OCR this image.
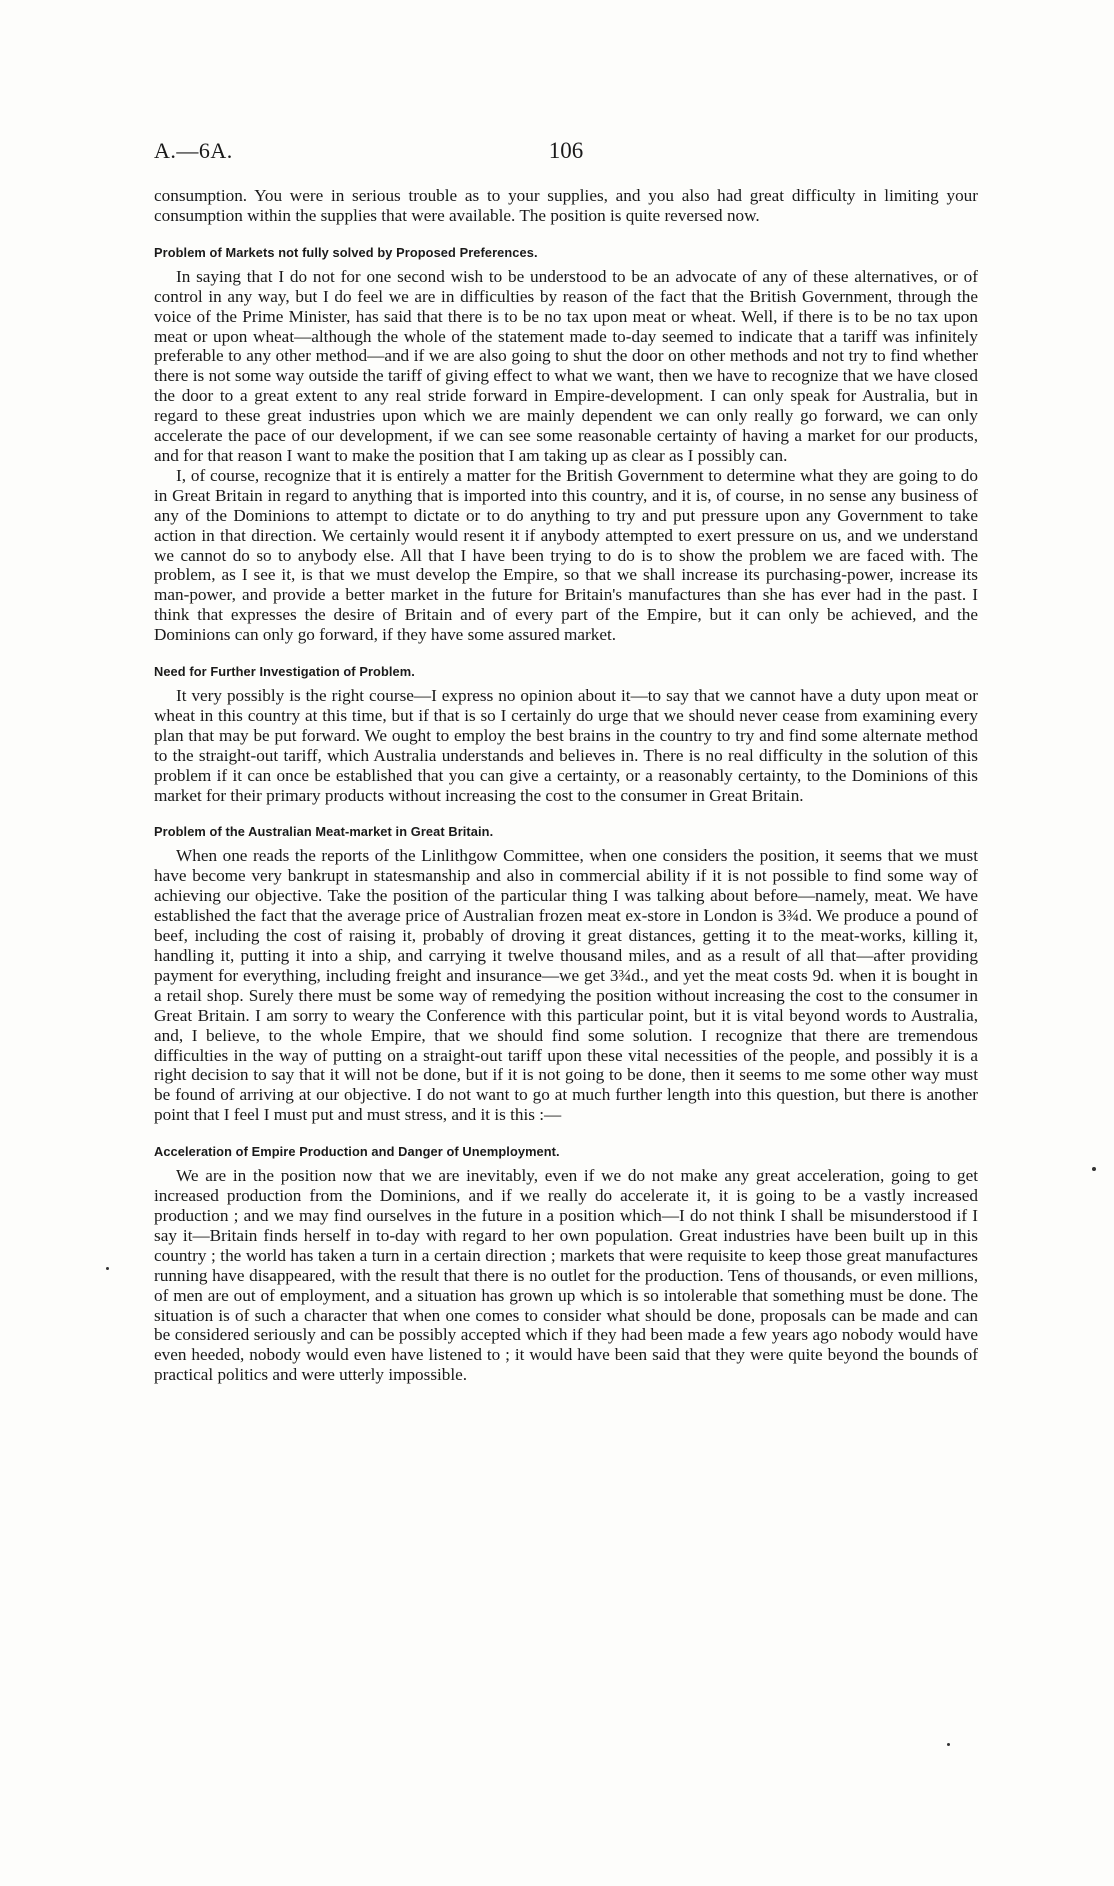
A.—6A.	106

consumption. You were in serious trouble as to your supplies, and you also had great difficulty in limiting your consumption within the supplies that were available. The position is quite reversed now.

Problem of Markets not fully solved by Proposed Preferences.

In saying that I do not for one second wish to be understood to be an advocate of any of these alternatives, or of control in any way, but I do feel we are in difficulties by reason of the fact that the British Government, through the voice of the Prime Minister, has said that there is to be no tax upon meat or wheat. Well, if there is to be no tax upon meat or upon wheat—although the whole of the statement made to-day seemed to indicate that a tariff was infinitely preferable to any other method—and if we are also going to shut the door on other methods and not try to find whether there is not some way outside the tariff of giving effect to what we want, then we have to recognize that we have closed the door to a great extent to any real stride forward in Empire-development. I can only speak for Australia, but in regard to these great industries upon which we are mainly dependent we can only really go forward, we can only accelerate the pace of our development, if we can see some reasonable certainty of having a market for our products, and for that reason I want to make the position that I am taking up as clear as I possibly can.

I, of course, recognize that it is entirely a matter for the British Government to determine what they are going to do in Great Britain in regard to anything that is imported into this country, and it is, of course, in no sense any business of any of the Dominions to attempt to dictate or to do anything to try and put pressure upon any Government to take action in that direction. We certainly would resent it if anybody attempted to exert pressure on us, and we understand we cannot do so to anybody else. All that I have been trying to do is to show the problem we are faced with. The problem, as I see it, is that we must develop the Empire, so that we shall increase its purchasing-power, increase its man-power, and provide a better market in the future for Britain's manufactures than she has ever had in the past. I think that expresses the desire of Britain and of every part of the Empire, but it can only be achieved, and the Dominions can only go forward, if they have some assured market.

Need for Further Investigation of Problem.

It very possibly is the right course—I express no opinion about it—to say that we cannot have a duty upon meat or wheat in this country at this time, but if that is so I certainly do urge that we should never cease from examining every plan that may be put forward. We ought to employ the best brains in the country to try and find some alternate method to the straight-out tariff, which Australia understands and believes in. There is no real difficulty in the solution of this problem if it can once be established that you can give a certainty, or a reasonably certainty, to the Dominions of this market for their primary products without increasing the cost to the consumer in Great Britain.

Problem of the Australian Meat-market in Great Britain.

When one reads the reports of the Linlithgow Committee, when one considers the position, it seems that we must have become very bankrupt in statesmanship and also in commercial ability if it is not possible to find some way of achieving our objective. Take the position of the particular thing I was talking about before—namely, meat. We have established the fact that the average price of Australian frozen meat ex-store in London is 3¾d. We produce a pound of beef, including the cost of raising it, probably of droving it great distances, getting it to the meat-works, killing it, handling it, putting it into a ship, and carrying it twelve thousand miles, and as a result of all that—after providing payment for everything, including freight and insurance—we get 3¾d., and yet the meat costs 9d. when it is bought in a retail shop. Surely there must be some way of remedying the position without increasing the cost to the consumer in Great Britain. I am sorry to weary the Conference with this particular point, but it is vital beyond words to Australia, and, I believe, to the whole Empire, that we should find some solution. I recognize that there are tremendous difficulties in the way of putting on a straight-out tariff upon these vital necessities of the people, and possibly it is a right decision to say that it will not be done, but if it is not going to be done, then it seems to me some other way must be found of arriving at our objective. I do not want to go at much further length into this question, but there is another point that I feel I must put and must stress, and it is this :—

Acceleration of Empire Production and Danger of Unemployment.

We are in the position now that we are inevitably, even if we do not make any great acceleration, going to get increased production from the Dominions, and if we really do accelerate it, it is going to be a vastly increased production ; and we may find ourselves in the future in a position which—I do not think I shall be misunderstood if I say it—Britain finds herself in to-day with regard to her own population. Great industries have been built up in this country ; the world has taken a turn in a certain direction ; markets that were requisite to keep those great manufactures running have disappeared, with the result that there is no outlet for the production. Tens of thousands, or even millions, of men are out of employment, and a situation has grown up which is so intolerable that something must be done. The situation is of such a character that when one comes to consider what should be done, proposals can be made and can be considered seriously and can be possibly accepted which if they had been made a few years ago nobody would have even heeded, nobody would even have listened to ; it would have been said that they were quite beyond the bounds of practical politics and were utterly impossible.
